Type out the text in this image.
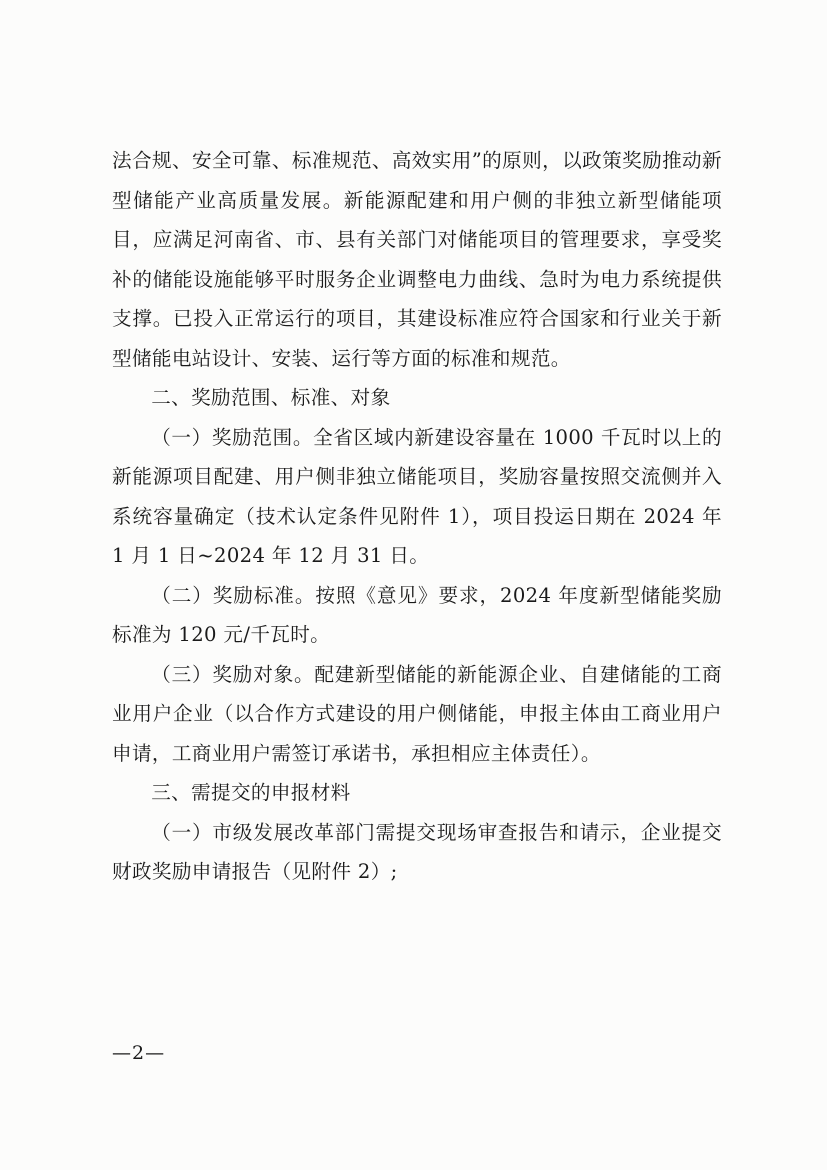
法合规、安全可靠、标准规范、高效实用”的原则，以政策奖励推动新型储能产业高质量发展。新能源配建和用户侧的非独立新型储能项目，应满足河南省、市、县有关部门对储能项目的管理要求，享受奖补的储能设施能够平时服务企业调整电力曲线、急时为电力系统提供支撑。已投入正常运行的项目，其建设标准应符合国家和行业关于新型储能电站设计、安装、运行等方面的标准和规范。

二、奖励范围、标准、对象

（一）奖励范围。全省区域内新建设容量在 1000 千瓦时以上的新能源项目配建、用户侧非独立储能项目，奖励容量按照交流侧并入系统容量确定（技术认定条件见附件 1），项目投运日期在 2024 年 1 月 1 日~2024 年 12 月 31 日。

（二）奖励标准。按照《意见》要求，2024 年度新型储能奖励标准为 120 元/千瓦时。

（三）奖励对象。配建新型储能的新能源企业、自建储能的工商业用户企业（以合作方式建设的用户侧储能，申报主体由工商业用户申请，工商业用户需签订承诺书，承担相应主体责任）。

三、需提交的申报材料

（一）市级发展改革部门需提交现场审查报告和请示，企业提交财政奖励申请报告（见附件 2）;

—2—
